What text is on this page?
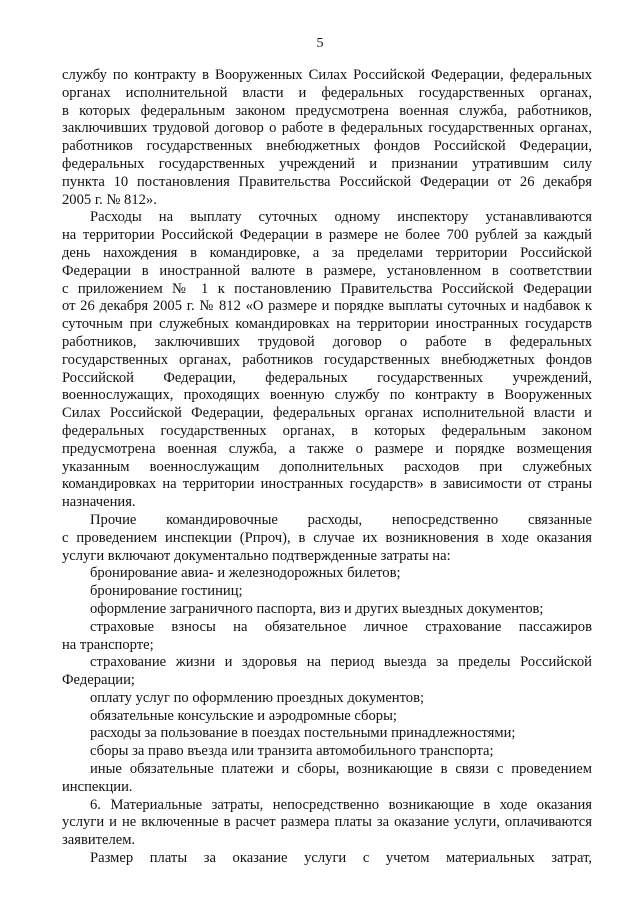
5
службу по контракту в Вооруженных Силах Российской Федерации, федеральных
органах исполнительной власти и федеральных государственных органах,
в которых федеральным законом предусмотрена военная служба, работников,
заключивших трудовой договор о работе в федеральных государственных органах,
работников государственных внебюджетных фондов Российской Федерации,
федеральных государственных учреждений и признании утратившим силу
пункта 10 постановления Правительства Российской Федерации от 26 декабря
2005 г. № 812».
Расходы на выплату суточных одному инспектору устанавливаются
на территории Российской Федерации в размере не более 700 рублей за каждый
день нахождения в командировке, а за пределами территории Российской
Федерации в иностранной валюте в размере, установленном в соответствии
с приложением № 1 к постановлению Правительства Российской Федерации
от 26 декабря 2005 г. № 812 «О размере и порядке выплаты суточных и надбавок к
суточным при служебных командировках на территории иностранных государств
работников, заключивших трудовой договор о работе в федеральных
государственных органах, работников государственных внебюджетных фондов
Российской Федерации, федеральных государственных учреждений,
военнослужащих, проходящих военную службу по контракту в Вооруженных
Силах Российской Федерации, федеральных органах исполнительной власти и
федеральных государственных органах, в которых федеральным законом
предусмотрена военная служба, а также о размере и порядке возмещения
указанным военнослужащим дополнительных расходов при служебных
командировках на территории иностранных государств» в зависимости от страны
назначения.
Прочие командировочные расходы, непосредственно связанные
с проведением инспекции (Рпроч), в случае их возникновения в ходе оказания
услуги включают документально подтвержденные затраты на:
бронирование авиа- и железнодорожных билетов;
бронирование гостиниц;
оформление заграничного паспорта, виз и других выездных документов;
страховые взносы на обязательное личное страхование пассажиров
на транспорте;
страхование жизни и здоровья на период выезда за пределы Российской
Федерации;
оплату услуг по оформлению проездных документов;
обязательные консульские и аэродромные сборы;
расходы за пользование в поездах постельными принадлежностями;
сборы за право въезда или транзита автомобильного транспорта;
иные обязательные платежи и сборы, возникающие в связи с проведением
инспекции.
6. Материальные затраты, непосредственно возникающие в ходе оказания
услуги и не включенные в расчет размера платы за оказание услуги, оплачиваются
заявителем.
Размер платы за оказание услуги с учетом материальных затрат,
